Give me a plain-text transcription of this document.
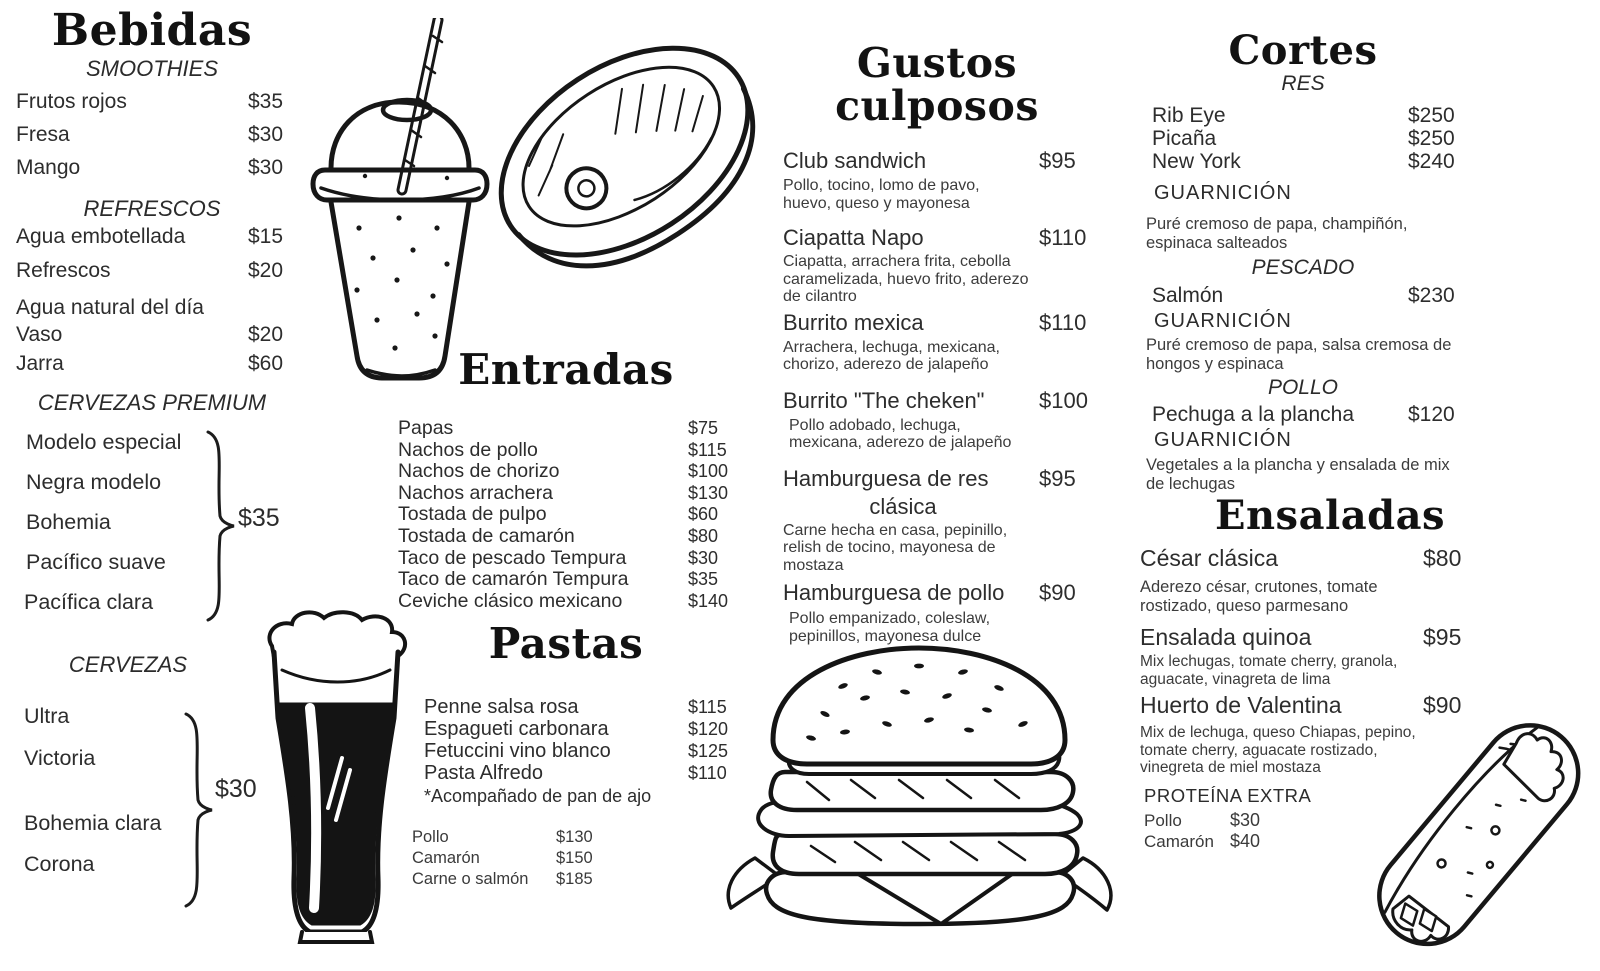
Bebidas
SMOOTHIES
Frutos rojos	$35
Fresa	$30
Mango	$30
REFRESCOS
Agua embotellada	$15
Refrescos	$20
Agua natural del día
Vaso	$20
Jarra	$60
CERVEZAS PREMIUM
Modelo especial
Negra modelo
Bohemia
Pacífico suave
Pacífica clara
$35
CERVEZAS
Ultra
Victoria
Bohemia clara
Corona
$30
Entradas
Papas	$75
Nachos de pollo	$115
Nachos de chorizo	$100
Nachos arrachera	$130
Tostada de pulpo	$60
Tostada de camarón	$80
Taco de pescado Tempura	$30
Taco de camarón Tempura	$35
Ceviche clásico mexicano	$140
Pastas
Penne salsa rosa	$115
Espagueti carbonara	$120
Fetuccini vino blanco	$125
Pasta Alfredo	$110
*Acompañado de pan de ajo
Pollo	$130
Camarón	$150
Carne o salmón $185
Gustos culposos
Club sandwich	$95
Pollo, tocino, lomo de pavo, huevo, queso y mayonesa
Ciapatta Napo	$110
Ciapatta, arrachera frita, cebolla caramelizada, huevo frito, aderezo de cilantro
Burrito mexica	$110
Arrachera, lechuga, mexicana, chorizo, aderezo de jalapeño
Burrito "The cheken" $100
Pollo adobado, lechuga, mexicana, aderezo de jalapeño
Hamburguesa de res $95
clásica
Carne hecha en casa, pepinillo, relish de tocino, mayonesa de mostaza
Hamburguesa de pollo $90
Pollo empanizado, coleslaw, pepinillos, mayonesa dulce
Cortes
RES
Rib Eye	$250
Picaña	$250
New York	$240
GUARNICIÓN
Puré cremoso de papa, champiñón, espinaca salteados
PESCADO
Salmón	$230
GUARNICIÓN
Puré cremoso de papa, salsa cremosa de hongos y espinaca
POLLO
Pechuga a la plancha	$120
GUARNICIÓN
Vegetales a la plancha y ensalada de mix de lechugas
Ensaladas
César clásica	$80
Aderezo césar, crutones, tomate rostizado, queso parmesano
Ensalada quinoa	$95
Mix lechugas, tomate cherry, granola, aguacate, vinagreta de lima
Huerto de Valentina	$90
Mix de lechuga, queso Chiapas, pepino, tomate cherry, aguacate rostizado, vinegreta de miel mostaza
PROTEÍNA EXTRA
Pollo	$30
Camarón $40
